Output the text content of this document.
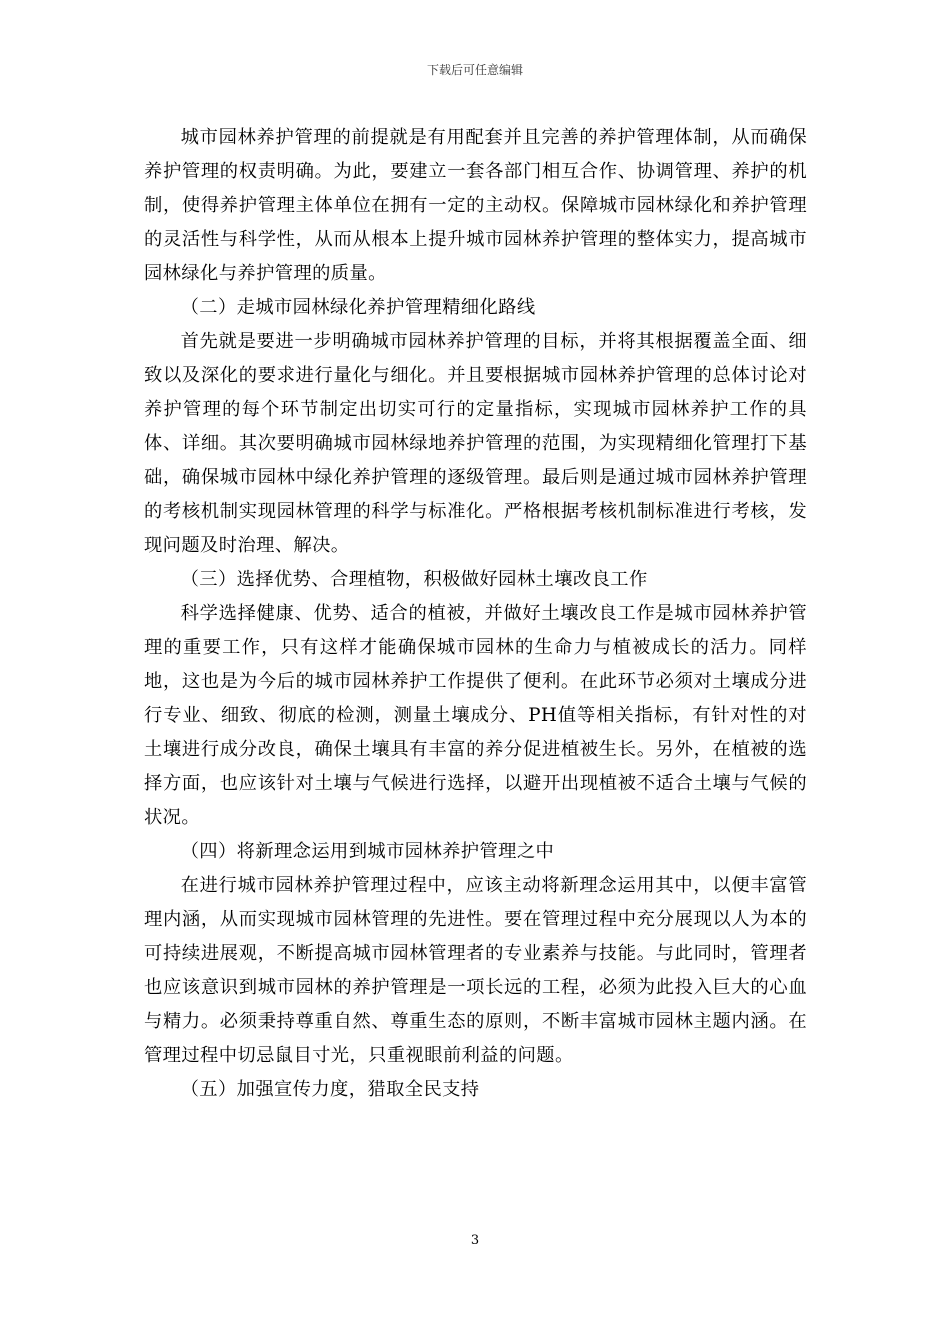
下载后可任意编辑

城市园林养护管理的前提就是有用配套并且完善的养护管理体制，从而确保养护管理的权责明确。为此，要建立一套各部门相互合作、协调管理、养护的机制，使得养护管理主体单位在拥有一定的主动权。保障城市园林绿化和养护管理的灵活性与科学性，从而从根本上提升城市园林养护管理的整体实力，提高城市园林绿化与养护管理的质量。

（二）走城市园林绿化养护管理精细化路线

首先就是要进一步明确城市园林养护管理的目标，并将其根据覆盖全面、细致以及深化的要求进行量化与细化。并且要根据城市园林养护管理的总体讨论对养护管理的每个环节制定出切实可行的定量指标，实现城市园林养护工作的具体、详细。其次要明确城市园林绿地养护管理的范围，为实现精细化管理打下基础，确保城市园林中绿化养护管理的逐级管理。最后则是通过城市园林养护管理的考核机制实现园林管理的科学与标准化。严格根据考核机制标准进行考核，发现问题及时治理、解决。

（三）选择优势、合理植物，积极做好园林土壤改良工作

科学选择健康、优势、适合的植被，并做好土壤改良工作是城市园林养护管理的重要工作，只有这样才能确保城市园林的生命力与植被成长的活力。同样地，这也是为今后的城市园林养护工作提供了便利。在此环节必须对土壤成分进行专业、细致、彻底的检测，测量土壤成分、PH值等相关指标，有针对性的对土壤进行成分改良，确保土壤具有丰富的养分促进植被生长。另外，在植被的选择方面，也应该针对土壤与气候进行选择，以避开出现植被不适合土壤与气候的状况。

（四）将新理念运用到城市园林养护管理之中

在进行城市园林养护管理过程中，应该主动将新理念运用其中，以便丰富管理内涵，从而实现城市园林管理的先进性。要在管理过程中充分展现以人为本的可持续进展观，不断提高城市园林管理者的专业素养与技能。与此同时，管理者也应该意识到城市园林的养护管理是一项长远的工程，必须为此投入巨大的心血与精力。必须秉持尊重自然、尊重生态的原则，不断丰富城市园林主题内涵。在管理过程中切忌鼠目寸光，只重视眼前利益的问题。

（五）加强宣传力度，猎取全民支持

3
